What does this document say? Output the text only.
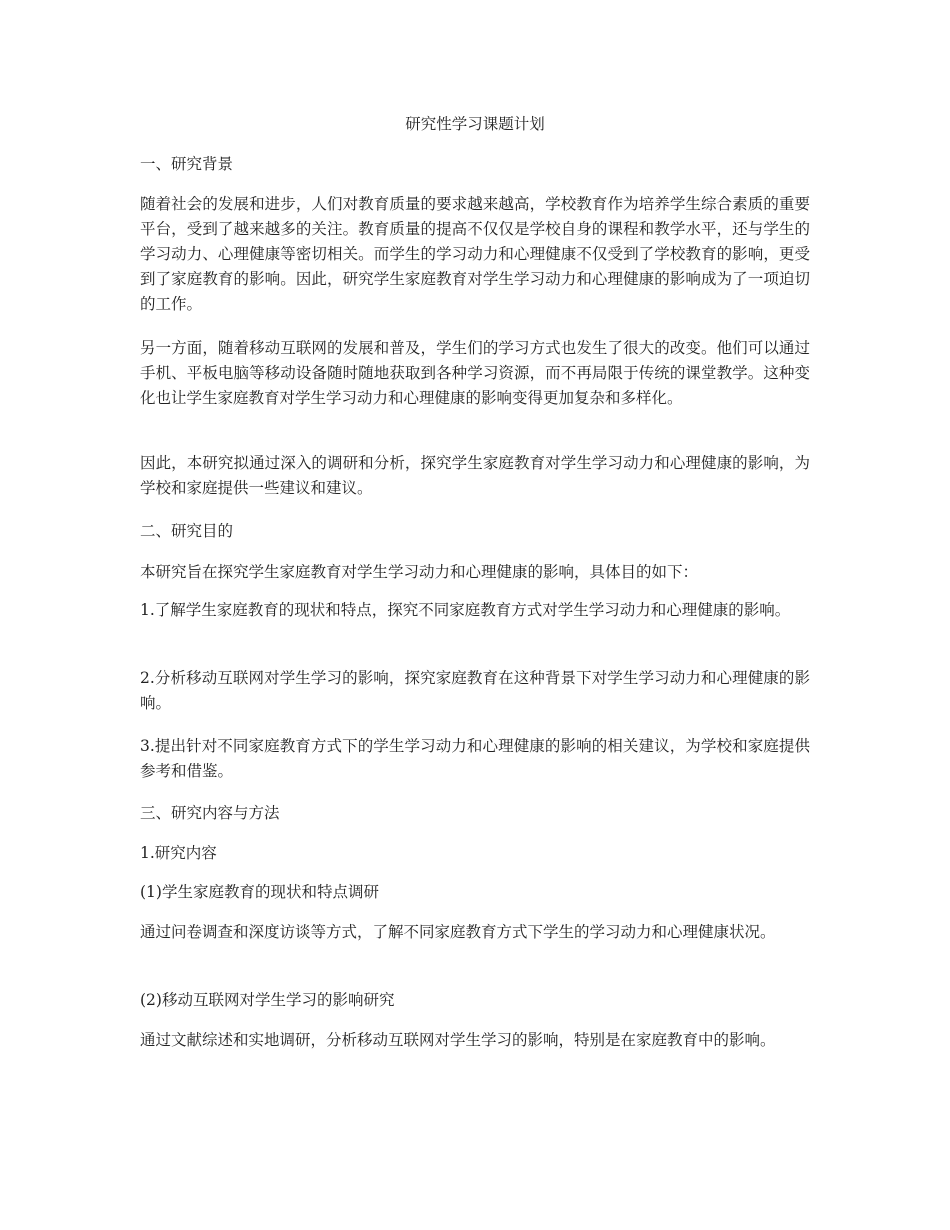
研究性学习课题计划

一、研究背景

随着社会的发展和进步，人们对教育质量的要求越来越高，学校教育作为培养学生综合素质的重要平台，受到了越来越多的关注。教育质量的提高不仅仅是学校自身的课程和教学水平，还与学生的学习动力、心理健康等密切相关。而学生的学习动力和心理健康不仅受到了学校教育的影响，更受到了家庭教育的影响。因此，研究学生家庭教育对学生学习动力和心理健康的影响成为了一项迫切的工作。

另一方面，随着移动互联网的发展和普及，学生们的学习方式也发生了很大的改变。他们可以通过手机、平板电脑等移动设备随时随地获取到各种学习资源，而不再局限于传统的课堂教学。这种变化也让学生家庭教育对学生学习动力和心理健康的影响变得更加复杂和多样化。

因此，本研究拟通过深入的调研和分析，探究学生家庭教育对学生学习动力和心理健康的影响，为学校和家庭提供一些建议和建议。

二、研究目的

本研究旨在探究学生家庭教育对学生学习动力和心理健康的影响，具体目的如下：

1.了解学生家庭教育的现状和特点，探究不同家庭教育方式对学生学习动力和心理健康的影响。

2.分析移动互联网对学生学习的影响，探究家庭教育在这种背景下对学生学习动力和心理健康的影响。

3.提出针对不同家庭教育方式下的学生学习动力和心理健康的影响的相关建议，为学校和家庭提供参考和借鉴。

三、研究内容与方法

1.研究内容

(1)学生家庭教育的现状和特点调研

通过问卷调查和深度访谈等方式，了解不同家庭教育方式下学生的学习动力和心理健康状况。

(2)移动互联网对学生学习的影响研究

通过文献综述和实地调研，分析移动互联网对学生学习的影响，特别是在家庭教育中的影响。
